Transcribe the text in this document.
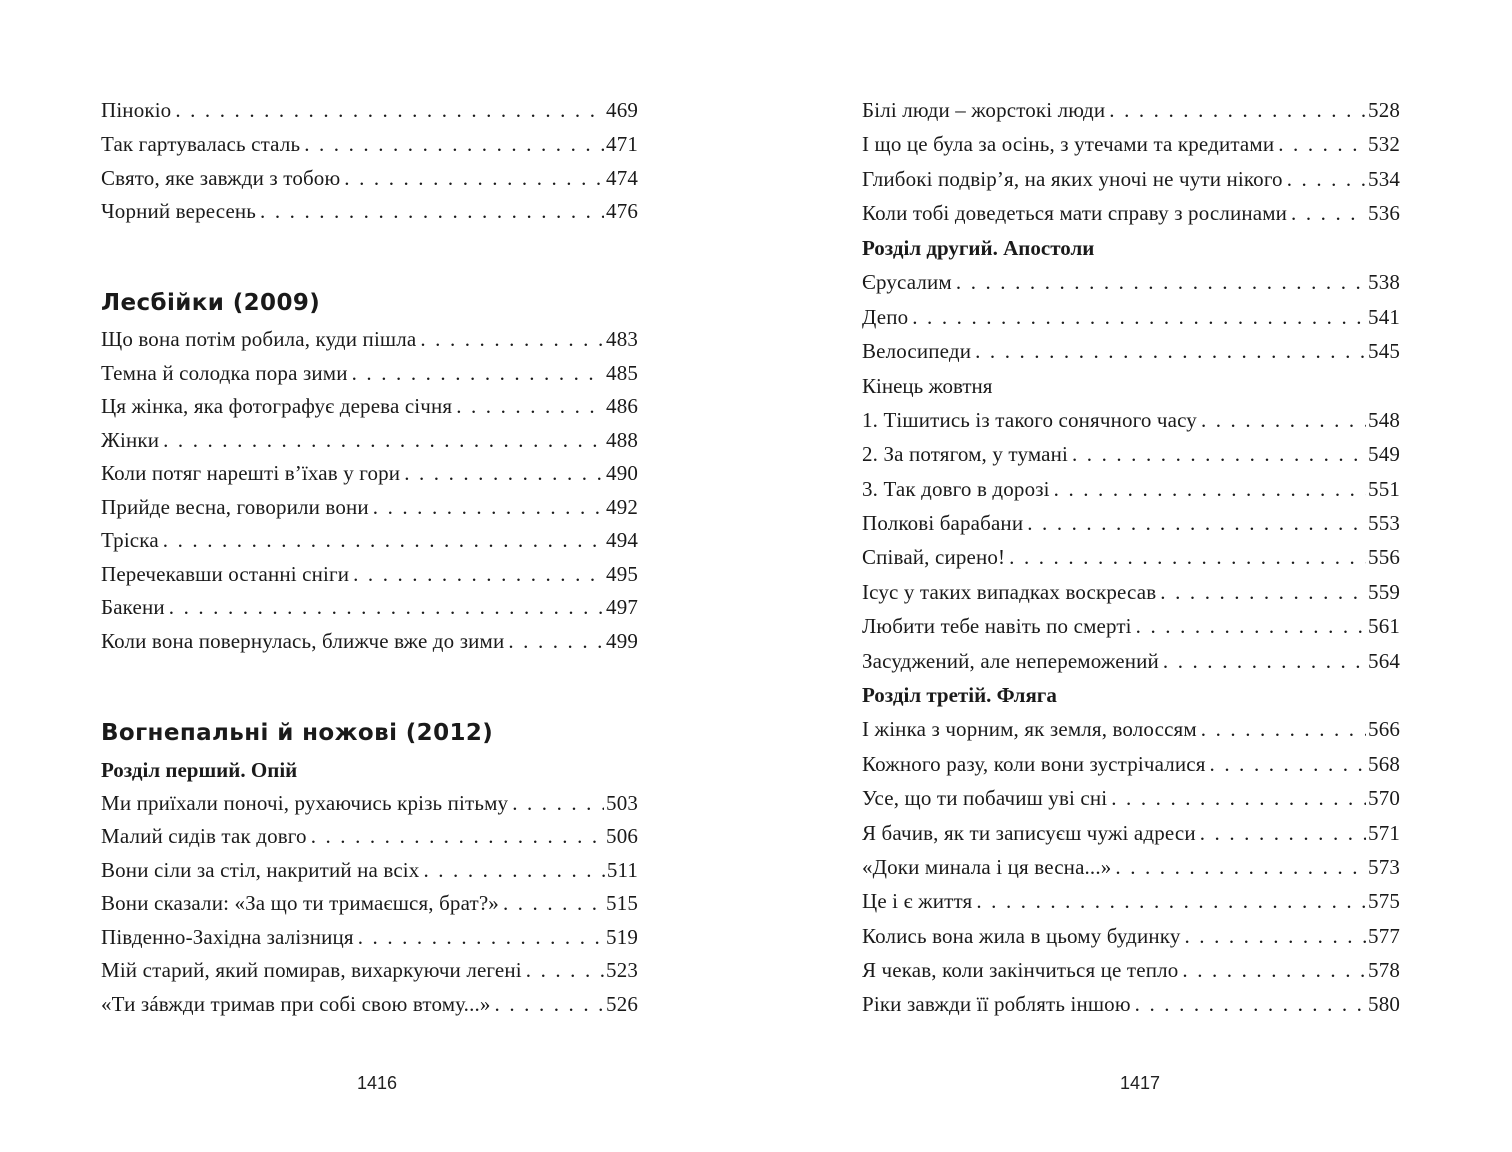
Пінокіо . . .	469
Так гартувалась сталь . . .	471
Свято, яке завжди з тобою . . .	474
Чорний вересень . . .	476
Лесбійки (2009)
Що вона потім робила, куди пішла . . .	483
Темна й солодка пора зими . . .	485
Ця жінка, яка фотографує дерева січня . . .	486
Жінки . . .	488
Коли потяг нарешті в’їхав у гори . . .	490
Прийде весна, говорили вони . . .	492
Тріска . . .	494
Перечекавши останні сніги . . .	495
Бакени . . .	497
Коли вона повернулась, ближче вже до зими . . .	499
Вогнепальні й ножові (2012)
Розділ перший. Опій
Ми приїхали поночі, рухаючись крізь пітьму . . .	503
Малий сидів так довго . . .	506
Вони сіли за стіл, накритий на всіх . . .	511
Вони сказали: «За що ти тримаєшся, брат?» . . .	515
Південно-Західна залізниця . . .	519
Мій старий, який помирав, вихаркуючи легені . . .	523
«Ти зáвжди тримав при собі свою втому...» . . .	526
1416
Білі люди – жорстокі люди . . .	528
І що це була за осінь, з утечами та кредитами . . .	532
Глибокі подвір’я, на яких уночі не чути нікого . . .	534
Коли тобі доведеться мати справу з рослинами . . .	536
Розділ другий. Апостоли
Єрусалим . . .	538
Депо . . .	541
Велосипеди . . .	545
Кінець жовтня
1. Тішитись із такого сонячного часу . . .	548
2. За потягом, у тумані . . .	549
3. Так довго в дорозі . . .	551
Полкові барабани . . .	553
Співай, сирено! . . .	556
Ісус у таких випадках воскресав . . .	559
Любити тебе навіть по смерті . . .	561
Засуджений, але непереможений . . .	564
Розділ третій. Фляга
І жінка з чорним, як земля, волоссям . . .	566
Кожного разу, коли вони зустрічалися . . .	568
Усе, що ти побачиш уві сні . . .	570
Я бачив, як ти записуєш чужі адреси . . .	571
«Доки минала і ця весна...» . . .	573
Це і є життя . . .	575
Колись вона жила в цьому будинку . . .	577
Я чекав, коли закінчиться це тепло . . .	578
Ріки завжди її роблять іншою . . .	580
1417
